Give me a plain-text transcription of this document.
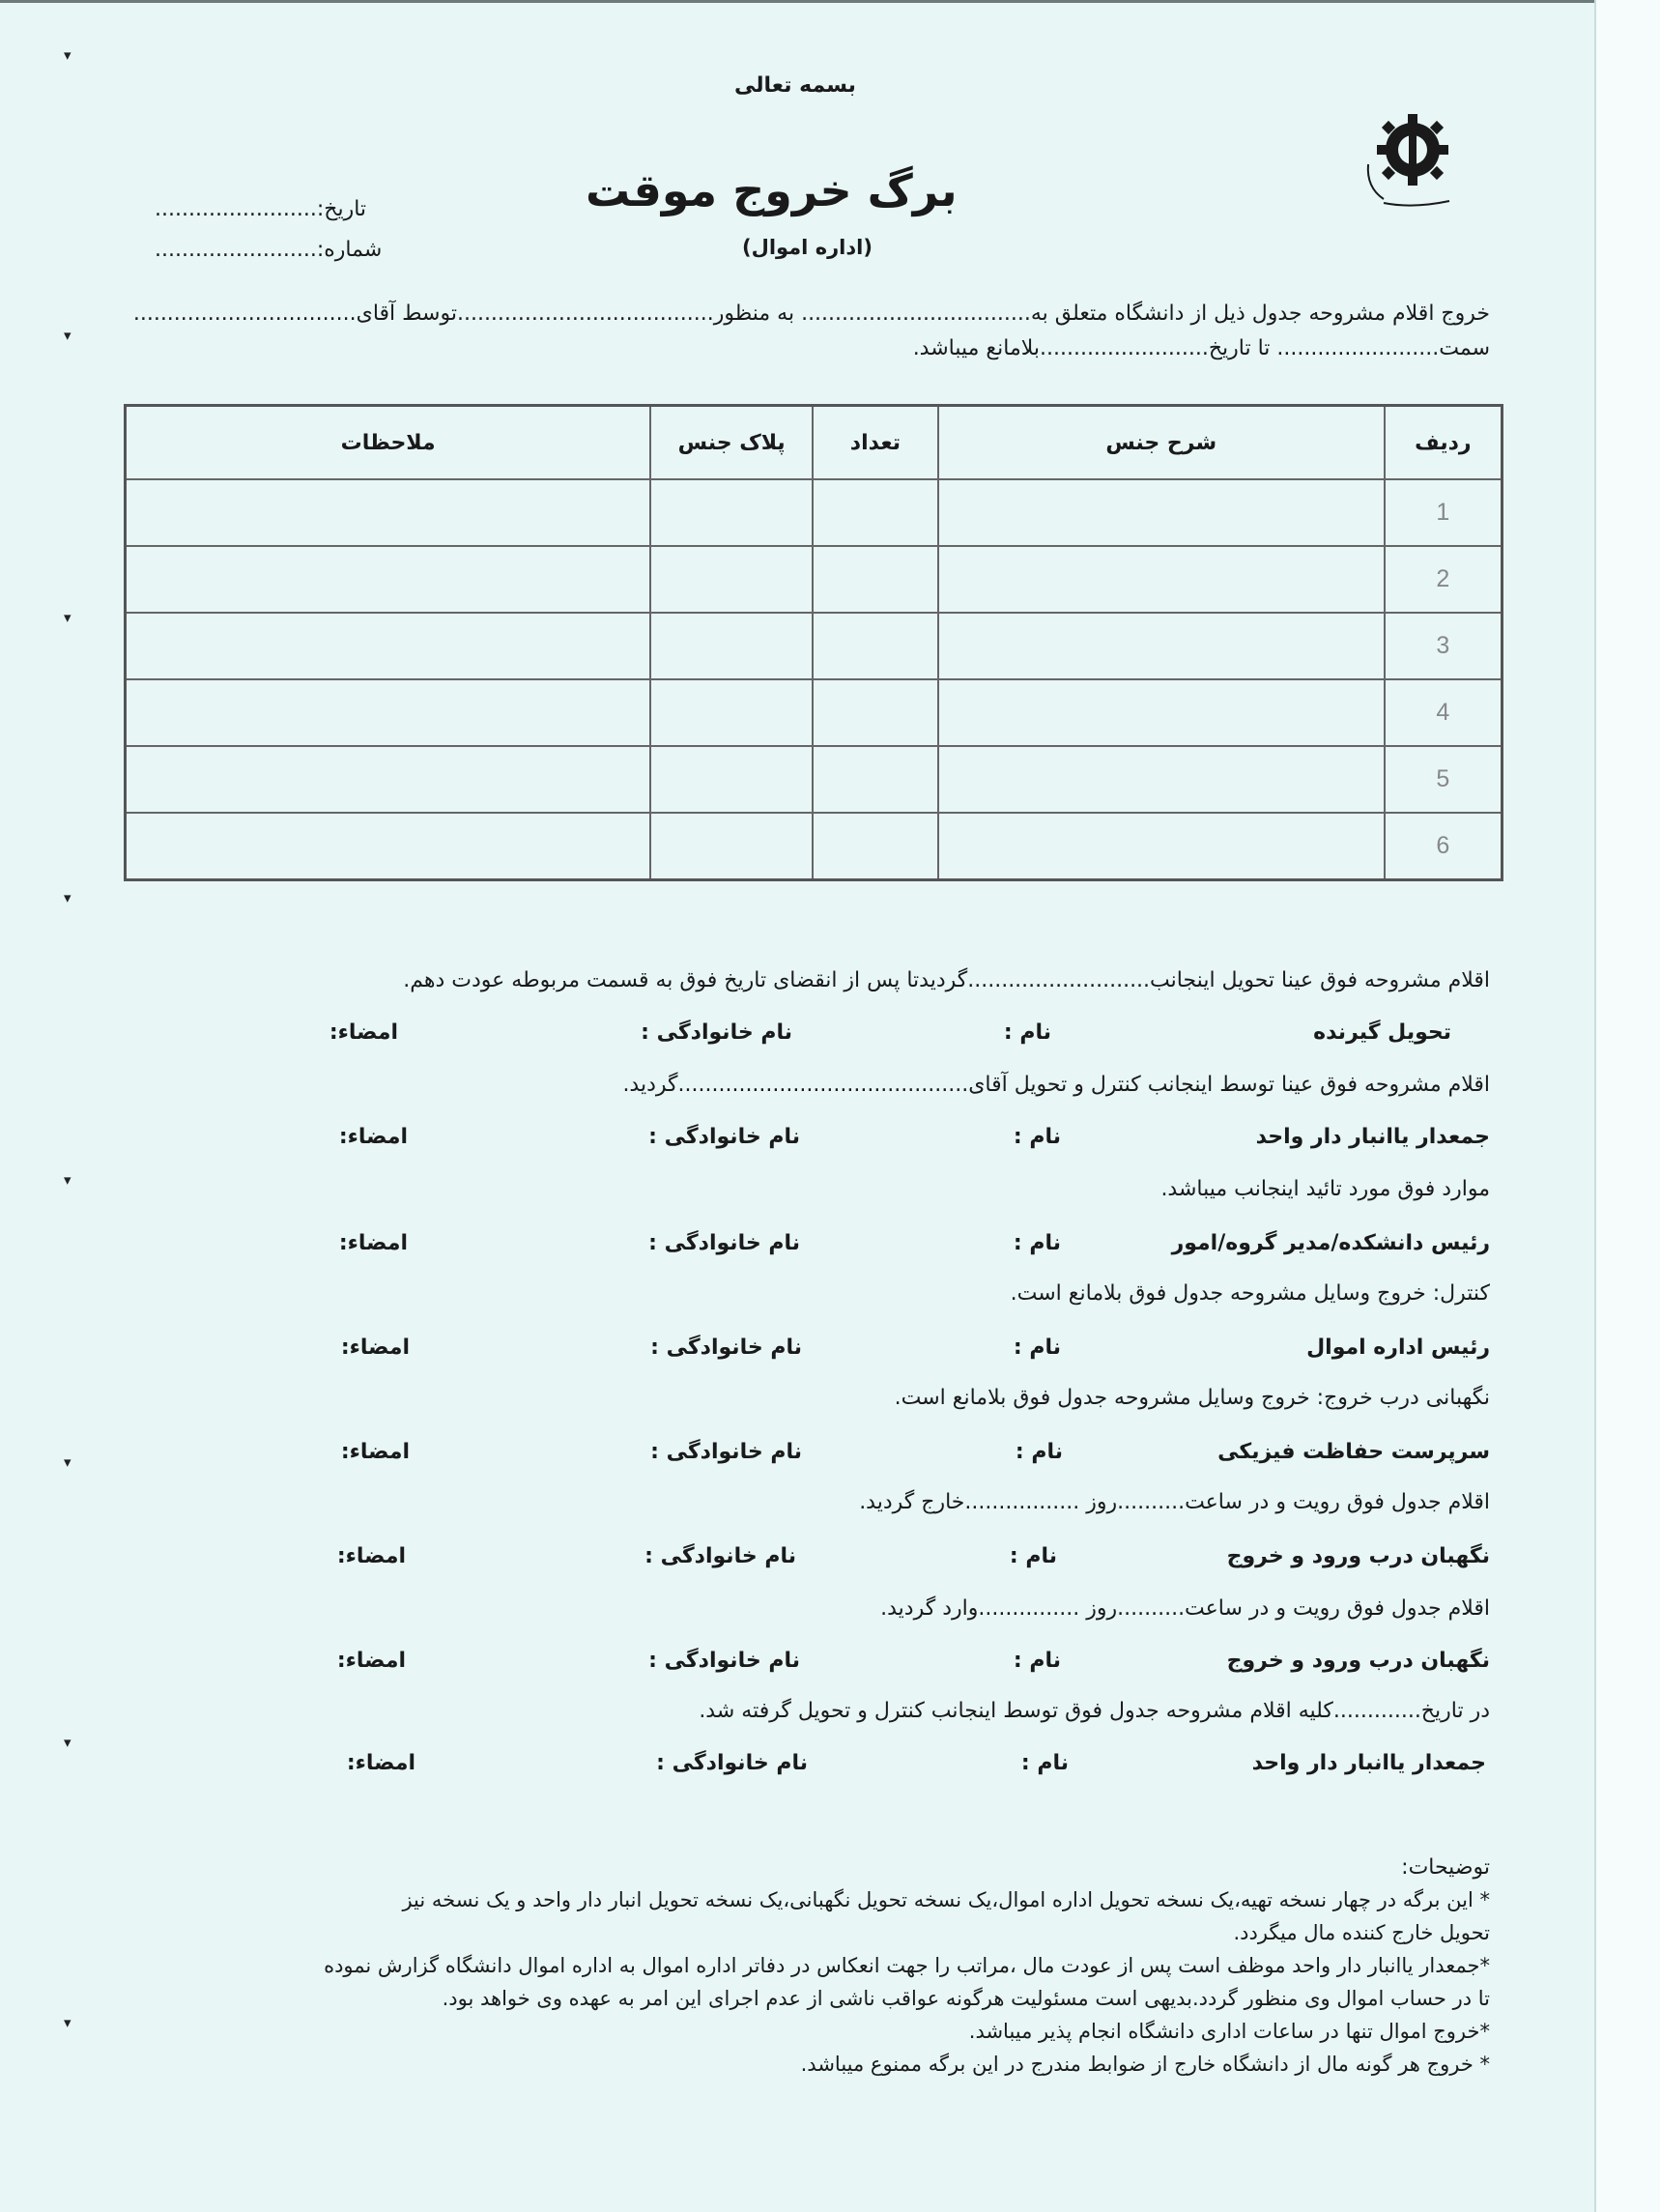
▾
▾
▾
▾
▾
▾
▾
▾
بسمه تعالی
برگ خروج موقت
(اداره اموال)
تاریخ:........................
شماره:........................
خروج اقلام مشروحه جدول ذیل از دانشگاه متعلق به.................................. به منظور......................................توسط آقای.................................
سمت........................ تا تاریخ.........................بلامانع میباشد.
ردیف	شرح جنس	تعداد	پلاک جنس	ملاحظات
1				
2				
3				
4				
5				
6				
اقلام مشروحه فوق عینا تحویل اینجانب...........................گردیدتا پس از انقضای تاریخ فوق به قسمت مربوطه عودت دهم.
تحویل گیرنده
نام :
نام خانوادگی :
امضاء:
اقلام مشروحه فوق عینا توسط اینجانب کنترل و تحویل آقای...........................................گردید.
جمعدار یاانبار دار واحد
نام :
نام خانوادگی :
امضاء:
موارد فوق مورد تائید اینجانب میباشد.
رئیس دانشکده/مدیر گروه/امور
نام :
نام خانوادگی :
امضاء:
کنترل: خروج وسایل مشروحه جدول فوق بلامانع است.
رئیس اداره اموال
نام :
نام خانوادگی :
امضاء:
نگهبانی درب خروج: خروج وسایل مشروحه جدول فوق بلامانع است.
سرپرست حفاظت فیزیکی
نام :
نام خانوادگی :
امضاء:
اقلام جدول فوق رویت و در ساعت..........روز .................خارج گردید.
نگهبان درب ورود و خروج
نام :
نام خانوادگی :
امضاء:
اقلام جدول فوق رویت و در ساعت..........روز ...............وارد گردید.
نگهبان درب ورود و خروج
نام :
نام خانوادگی :
امضاء:
در تاریخ.............کلیه اقلام مشروحه جدول فوق توسط اینجانب کنترل و تحویل گرفته شد.
جمعدار یاانبار دار واحد
نام :
نام خانوادگی :
امضاء:
توضیحات:
* این برگه در چهار نسخه تهیه،یک نسخه تحویل اداره اموال،یک نسخه تحویل نگهبانی،یک نسخه تحویل انبار دار واحد و یک نسخه نیز
تحویل خارج کننده مال میگردد.
*جمعدار یاانبار دار واحد موظف است پس از عودت مال ،مراتب را جهت انعکاس در دفاتر اداره اموال به اداره اموال دانشگاه گزارش نموده
تا در حساب اموال وی منظور گردد.بدیهی است مسئولیت هرگونه عواقب ناشی از عدم اجرای این امر به عهده وی خواهد بود.
*خروج اموال تنها در ساعات اداری دانشگاه انجام پذیر میباشد.
* خروج هر گونه مال از دانشگاه خارج از ضوابط مندرج در این برگه ممنوع میباشد.
